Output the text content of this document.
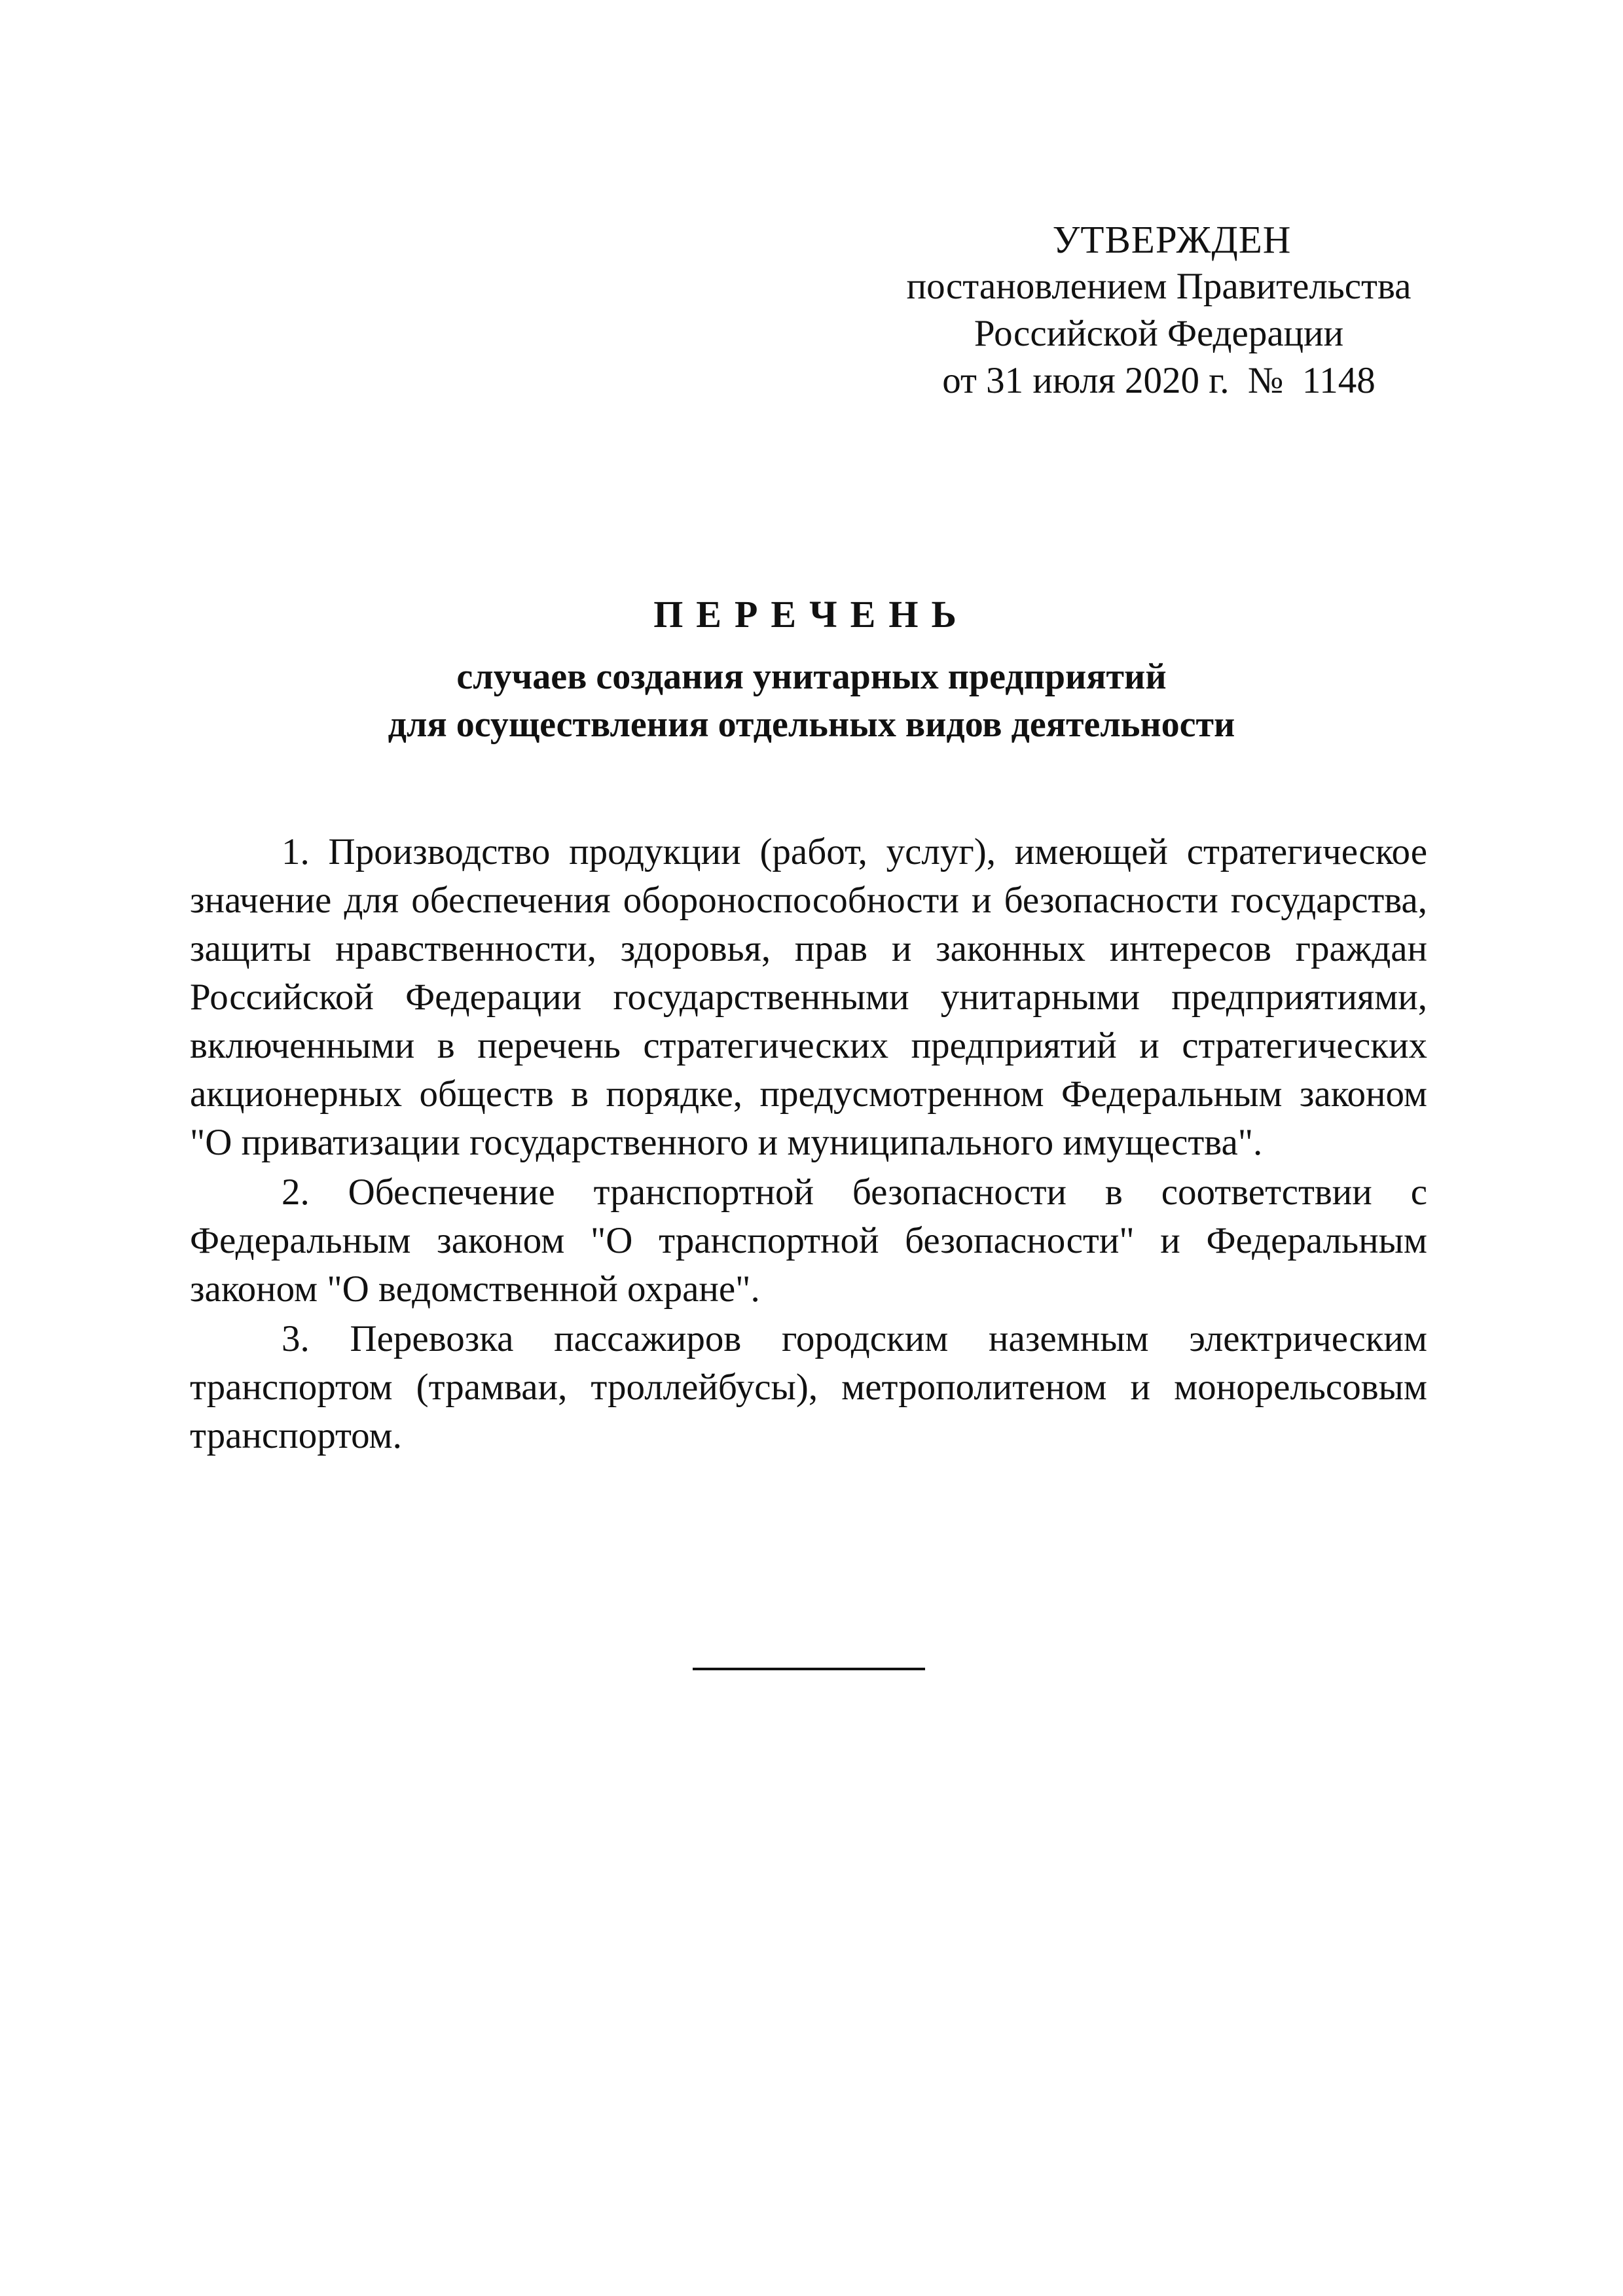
УТВЕРЖДЕН
постановлением Правительства
Российской Федерации
от 31 июля 2020 г.  №  1148
ПЕРЕЧЕНЬ
случаев создания унитарных предприятий
для осуществления отдельных видов деятельности

1. Производство продукции (работ, услуг), имеющей стратегическое значение для обеспечения обороноспособности и безопасности государства, защиты нравственности, здоровья, прав и законных интересов граждан Российской Федерации государственными унитарными предприятиями, включенными в перечень стратегических предприятий и стратегических акционерных обществ в порядке, предусмотренном Федеральным законом "О приватизации государственного и муниципального имущества".

2. Обеспечение транспортной безопасности в соответствии с Федеральным законом "О транспортной безопасности" и Федеральным законом "О ведомственной охране".

3. Перевозка пассажиров городским наземным электрическим транспортом (трамваи, троллейбусы), метрополитеном и монорельсовым транспортом.
